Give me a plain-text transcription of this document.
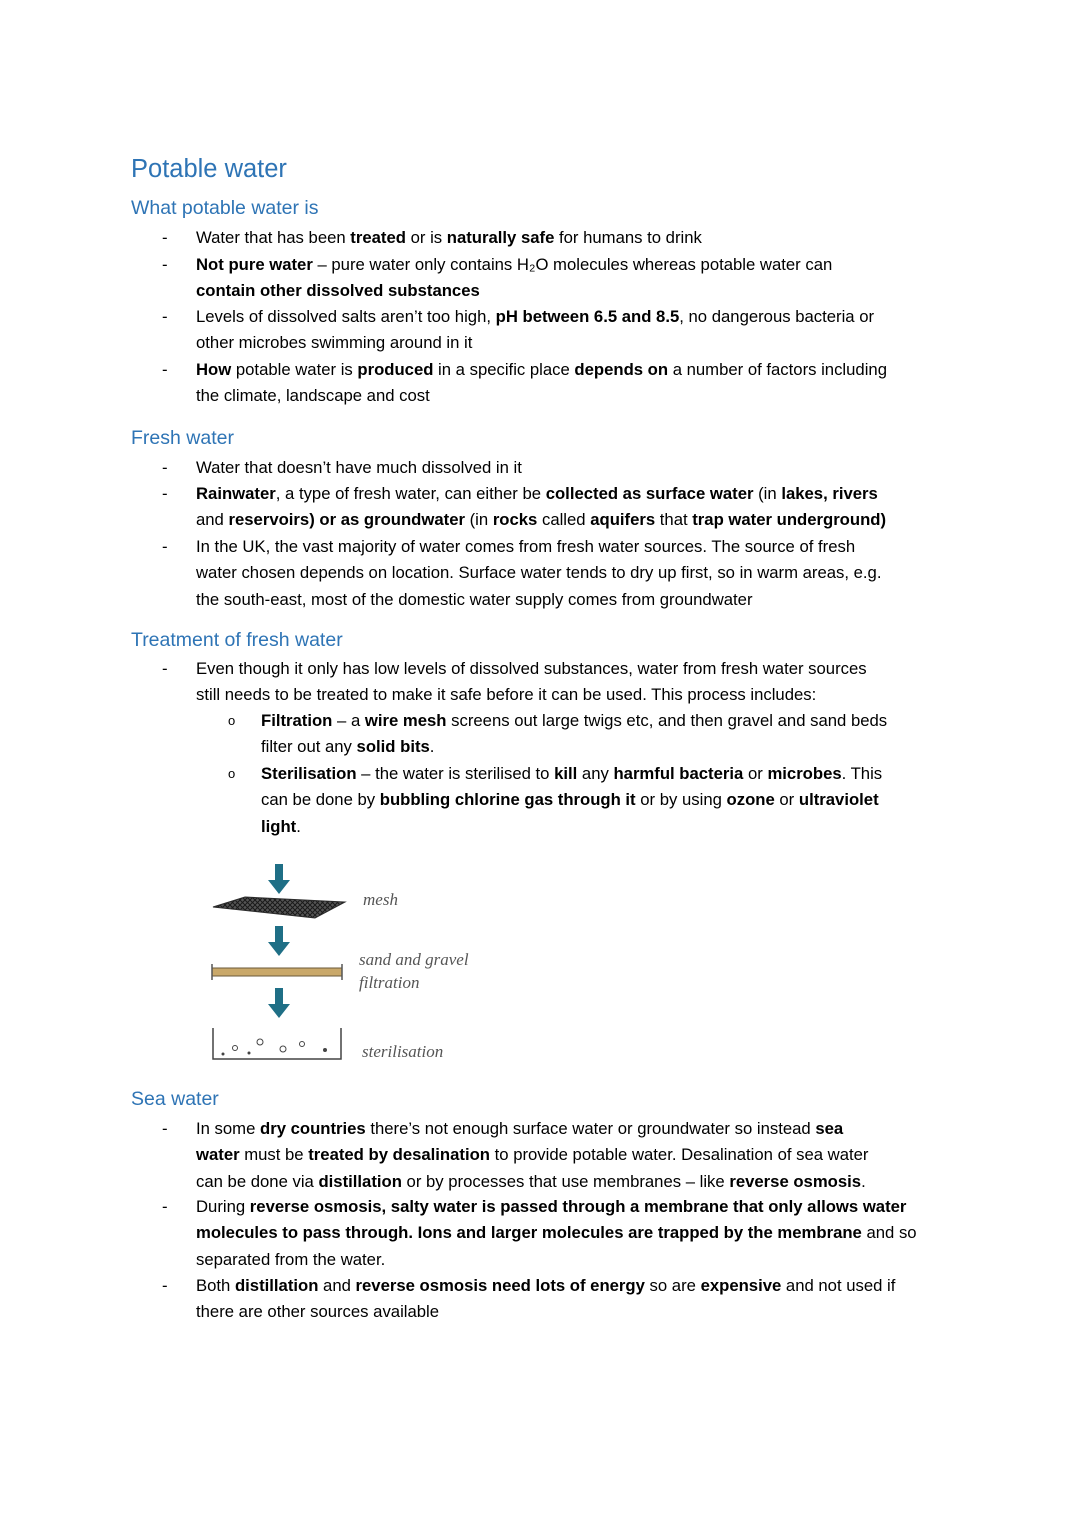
Potable water
What potable water is
- Water that has been treated or is naturally safe for humans to drink
- Not pure water – pure water only contains H₂O molecules whereas potable water can
contain other dissolved substances
- Levels of dissolved salts aren’t too high, pH between 6.5 and 8.5, no dangerous bacteria or
other microbes swimming around in it
- How potable water is produced in a specific place depends on a number of factors including
the climate, landscape and cost
Fresh water
- Water that doesn’t have much dissolved in it
- Rainwater, a type of fresh water, can either be collected as surface water (in lakes, rivers
and reservoirs) or as groundwater (in rocks called aquifers that trap water underground)
- In the UK, the vast majority of water comes from fresh water sources. The source of fresh
water chosen depends on location. Surface water tends to dry up first, so in warm areas, e.g.
the south-east, most of the domestic water supply comes from groundwater
Treatment of fresh water
- Even though it only has low levels of dissolved substances, water from fresh water sources
still needs to be treated to make it safe before it can be used. This process includes:
o Filtration – a wire mesh screens out large twigs etc, and then gravel and sand beds
filter out any solid bits.
o Sterilisation – the water is sterilised to kill any harmful bacteria or microbes. This
can be done by bubbling chlorine gas through it or by using ozone or ultraviolet
light.
mesh
sand and gravel
filtration
sterilisation
Sea water
- In some dry countries there’s not enough surface water or groundwater so instead sea
water must be treated by desalination to provide potable water. Desalination of sea water
can be done via distillation or by processes that use membranes – like reverse osmosis.
- During reverse osmosis, salty water is passed through a membrane that only allows water
molecules to pass through. Ions and larger molecules are trapped by the membrane and so
separated from the water.
- Both distillation and reverse osmosis need lots of energy so are expensive and not used if
there are other sources available
